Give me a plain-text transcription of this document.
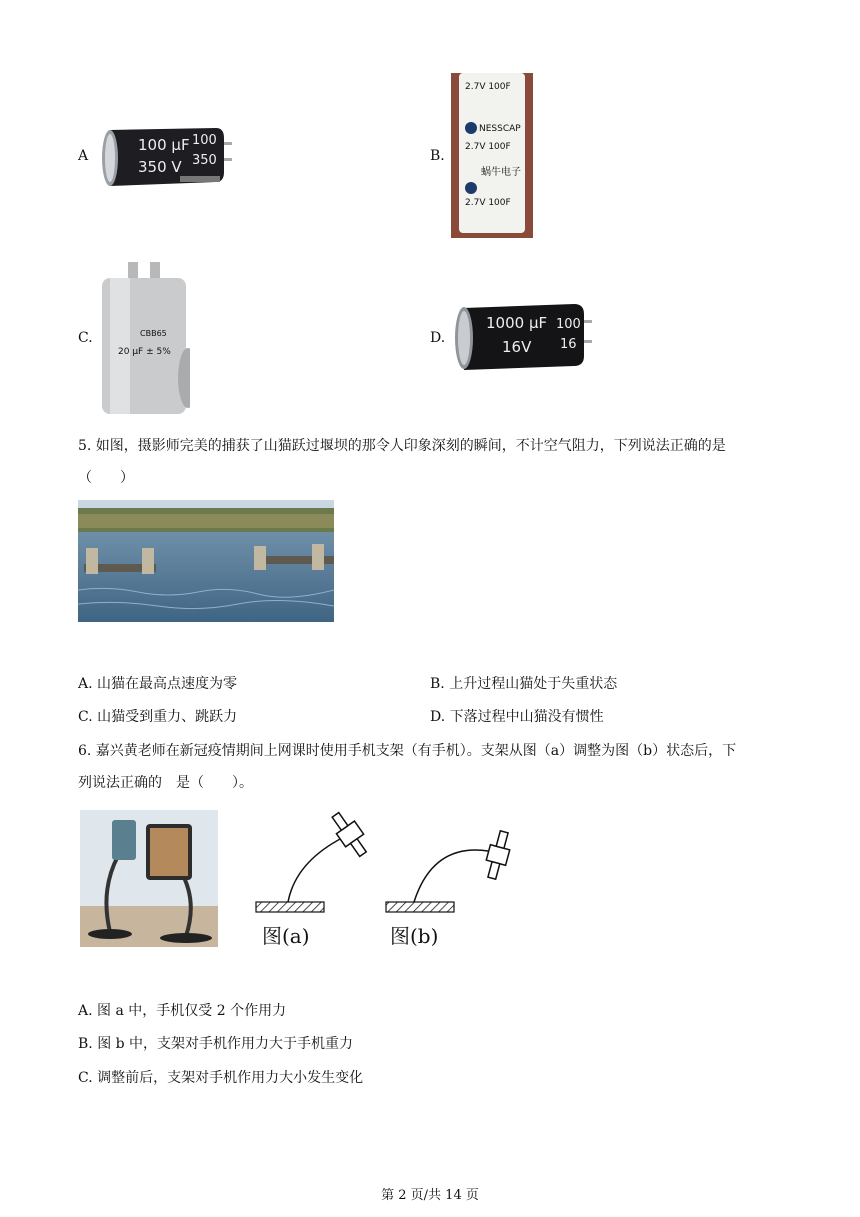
A
100 μF
350 V
100
350	B.
2.7V 100F
NESSCAP
2.7V 100F
蜗牛电子
2.7V 100F
C.	CBB65
20 μF ± 5%
D.
1000 μF
16V
100
16
5. 如图，摄影师完美的捕获了山猫跃过堰坝的那令人印象深刻的瞬间，不计空气阻力，下列说法正确的是
（　　）
A. 山猫在最高点速度为零	B. 上升过程山猫处于失重状态
C. 山猫受到重力、跳跃力	D. 下落过程中山猫没有惯性
6. 嘉兴黄老师在新冠疫情期间上网课时使用手机支架（有手机）。支架从图（a）调整为图（b）状态后，下
列说法正确的　是（　　）。
图(a)	图(b)
A. 图 a 中，手机仅受 2 个作用力
B. 图 b 中，支架对手机作用力大于手机重力
C. 调整前后，支架对手机作用力大小发生变化
第 2 页/共 14 页
